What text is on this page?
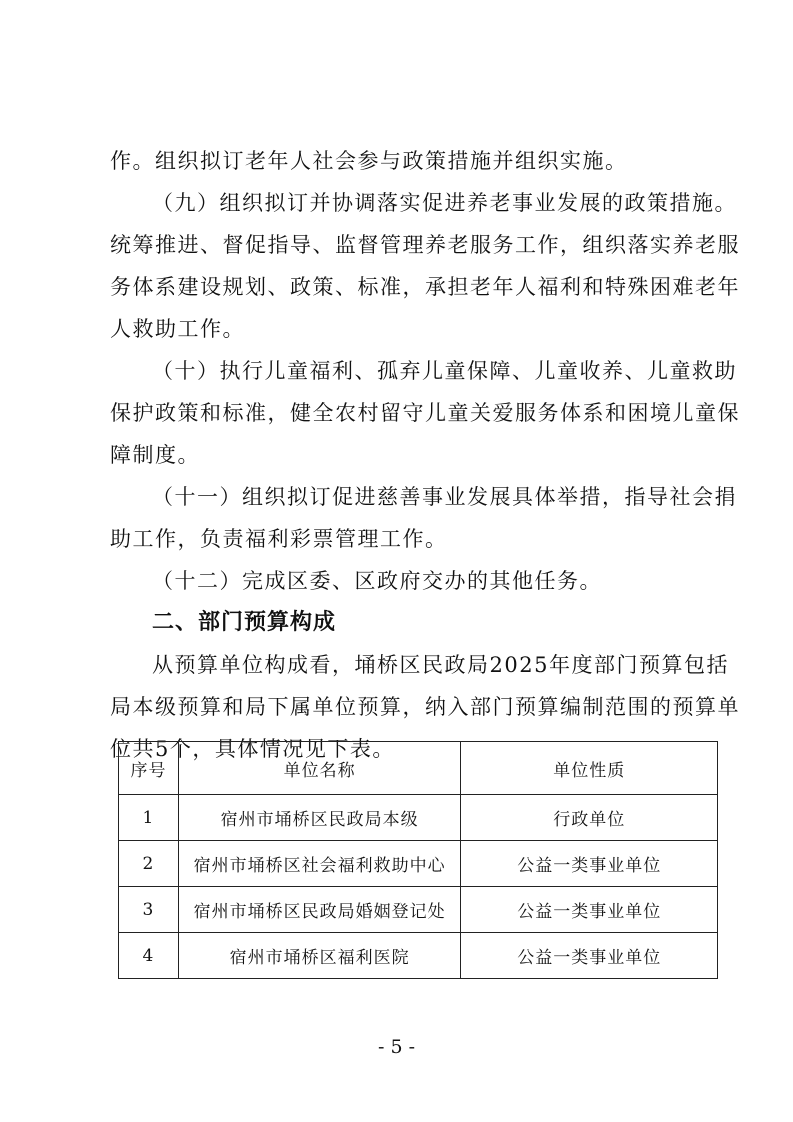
作。组织拟订老年人社会参与政策措施并组织实施。
（九）组织拟订并协调落实促进养老事业发展的政策措施。
统筹推进、督促指导、监督管理养老服务工作，组织落实养老服
务体系建设规划、政策、标准，承担老年人福利和特殊困难老年
人救助工作。
（十）执行儿童福利、孤弃儿童保障、儿童收养、儿童救助
保护政策和标准，健全农村留守儿童关爱服务体系和困境儿童保
障制度。
（十一）组织拟订促进慈善事业发展具体举措，指导社会捐
助工作，负责福利彩票管理工作。
（十二）完成区委、区政府交办的其他任务。
二、部门预算构成
从预算单位构成看，埇桥区民政局2025年度部门预算包括
局本级预算和局下属单位预算，纳入部门预算编制范围的预算单
位共5个，具体情况见下表。
序号	单位名称	单位性质
1	宿州市埇桥区民政局本级	行政单位
2	宿州市埇桥区社会福利救助中心	公益一类事业单位
3	宿州市埇桥区民政局婚姻登记处	公益一类事业单位
4	宿州市埇桥区福利医院	公益一类事业单位
- 5 -
